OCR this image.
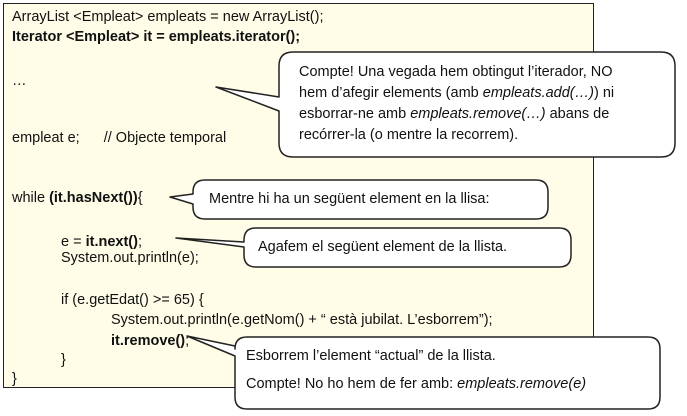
ArrayList <Empleat> empleats = new ArrayList();
Iterator <Empleat> it = empleats.iterator();
…
empleat e; // Objecte temporal
while (it.hasNext()){
e = it.next();
System.out.println(e);
if (e.getEdat() >= 65) {
System.out.println(e.getNom() + “ està jubilat. L’esborrem”);
it.remove();
}
}
Compte! Una vegada hem obtingut l’iterador, NO
hem d’afegir elements (amb empleats.add(…)) ni
esborrar-ne amb empleats.remove(…) abans de
recórrer-la (o mentre la recorrem).
Mentre hi ha un següent element en la llisa:
Agafem el següent element de la llista.
Esborrem l’element “actual” de la llista.
Compte! No ho hem de fer amb: empleats.remove(e)
